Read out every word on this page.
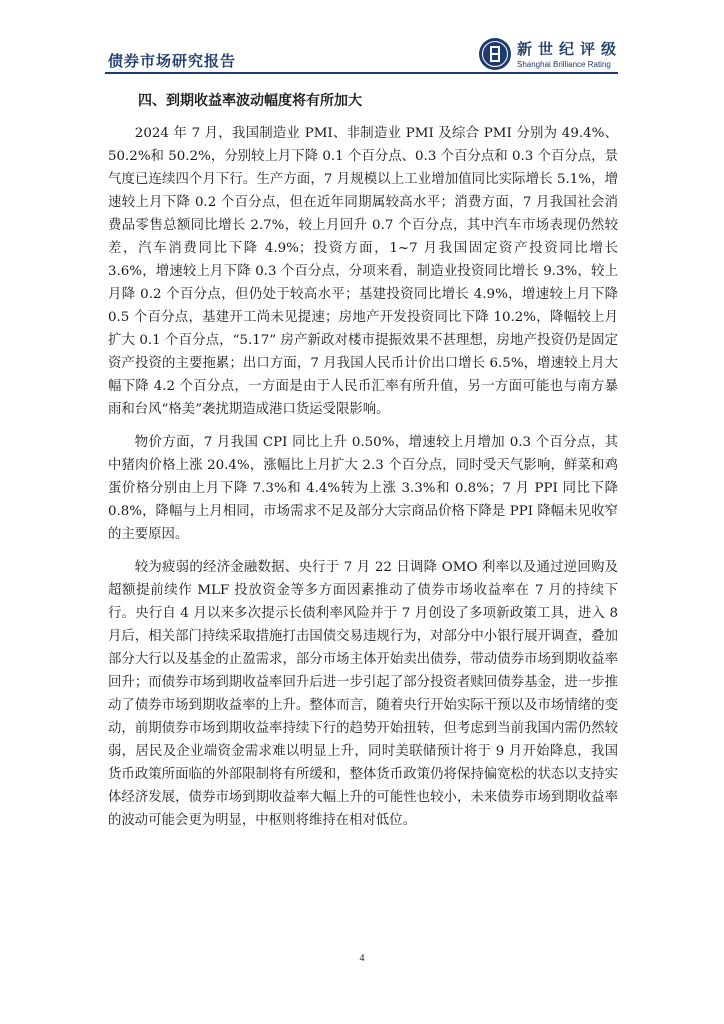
债券市场研究报告
新世纪评级
Shanghai Brilliance Rating
四、到期收益率波动幅度将有所加大

2024 年 7 月，我国制造业 PMI、非制造业 PMI 及综合 PMI 分别为 49.4%、50.2%和 50.2%，分别较上月下降 0.1 个百分点、0.3 个百分点和 0.3 个百分点，景气度已连续四个月下行。生产方面，7 月规模以上工业增加值同比实际增长 5.1%，增速较上月下降 0.2 个百分点，但在近年同期属较高水平；消费方面，7 月我国社会消费品零售总额同比增长 2.7%，较上月回升 0.7 个百分点，其中汽车市场表现仍然较差，汽车消费同比下降 4.9%；投资方面，1~7 月我国固定资产投资同比增长 3.6%，增速较上月下降 0.3 个百分点，分项来看，制造业投资同比增长 9.3%，较上月降 0.2 个百分点，但仍处于较高水平；基建投资同比增长 4.9%，增速较上月下降 0.5 个百分点，基建开工尚未见提速；房地产开发投资同比下降 10.2%，降幅较上月扩大 0.1 个百分点，“5.17” 房产新政对楼市提振效果不甚理想，房地产投资仍是固定资产投资的主要拖累；出口方面，7 月我国人民币计价出口增长 6.5%，增速较上月大幅下降 4.2 个百分点，一方面是由于人民币汇率有所升值，另一方面可能也与南方暴雨和台风“格美”袭扰期造成港口货运受限影响。

物价方面，7 月我国 CPI 同比上升 0.50%，增速较上月增加 0.3 个百分点，其中猪肉价格上涨 20.4%，涨幅比上月扩大 2.3 个百分点，同时受天气影响，鲜菜和鸡蛋价格分别由上月下降 7.3%和 4.4%转为上涨 3.3%和 0.8%；7 月 PPI 同比下降 0.8%，降幅与上月相同，市场需求不足及部分大宗商品价格下降是 PPI 降幅未见收窄的主要原因。

较为疲弱的经济金融数据、央行于 7 月 22 日调降 OMO 利率以及通过逆回购及超额提前续作 MLF 投放资金等多方面因素推动了债券市场收益率在 7 月的持续下行。央行自 4 月以来多次提示长债利率风险并于 7 月创设了多项新政策工具，进入 8 月后，相关部门持续采取措施打击国债交易违规行为，对部分中小银行展开调查，叠加部分大行以及基金的止盈需求，部分市场主体开始卖出债券，带动债券市场到期收益率回升；而债券市场到期收益率回升后进一步引起了部分投资者赎回债券基金，进一步推动了债券市场到期收益率的上升。整体而言，随着央行开始实际干预以及市场情绪的变动，前期债券市场到期收益率持续下行的趋势开始扭转，但考虑到当前我国内需仍然较弱，居民及企业端资金需求难以明显上升，同时美联储预计将于 9 月开始降息，我国货币政策所面临的外部限制将有所缓和，整体货币政策仍将保持偏宽松的状态以支持实体经济发展，债券市场到期收益率大幅上升的可能性也较小，未来债券市场到期收益率的波动可能会更为明显，中枢则将维持在相对低位。

4
